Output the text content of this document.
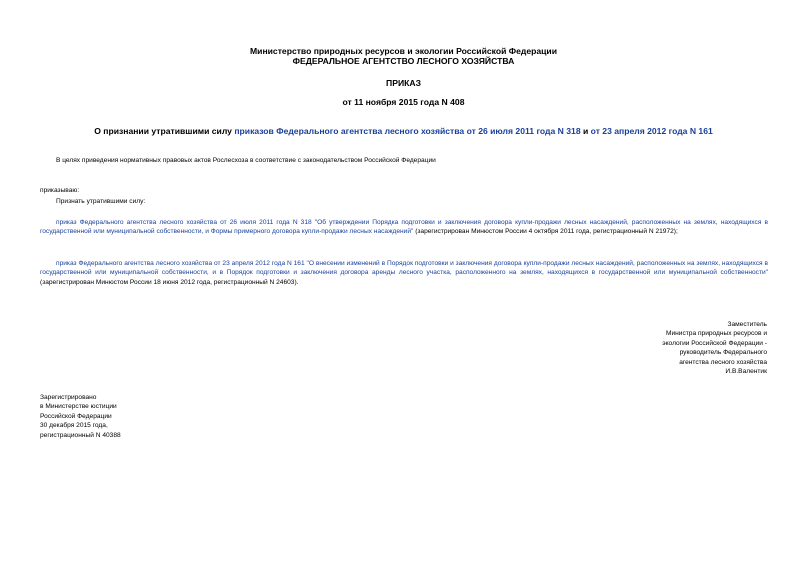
Министерство природных ресурсов и экологии Российской Федерации
ФЕДЕРАЛЬНОЕ АГЕНТСТВО ЛЕСНОГО ХОЗЯЙСТВА
ПРИКАЗ
от 11 ноября 2015 года N 408
О признании утратившими силу приказов Федерального агентства лесного хозяйства от 26 июля 2011 года N 318 и от 23 апреля 2012 года N 161
В целях приведения нормативных правовых актов Рослесхоза в соответствие с законодательством Российской Федерации
приказываю:
Признать утратившими силу:
приказ Федерального агентства лесного хозяйства от 26 июля 2011 года N 318 "Об утверждении Порядка подготовки и заключения договора купли-продажи лесных насаждений, расположенных на землях, находящихся в государственной или муниципальной собственности, и Формы примерного договора купли-продажи лесных насаждений" (зарегистрирован Минюстом России 4 октября 2011 года, регистрационный N 21972);
приказ Федерального агентства лесного хозяйства от 23 апреля 2012 года N 161 "О внесении изменений в Порядок подготовки и заключения договора купли-продажи лесных насаждений, расположенных на землях, находящихся в государственной или муниципальной собственности, и в Порядок подготовки и заключения договора аренды лесного участка, расположенного на землях, находящихся в государственной или муниципальной собственности" (зарегистрирован Минюстом России 18 июня 2012 года, регистрационный N 24603).
Заместитель
Министра природных ресурсов и
экологии Российской Федерации -
руководитель Федерального
агентства лесного хозяйства
И.В.Валентик
Зарегистрировано
в Министерстве юстиции
Российской Федерации
30 декабря 2015 года,
регистрационный N 40388
